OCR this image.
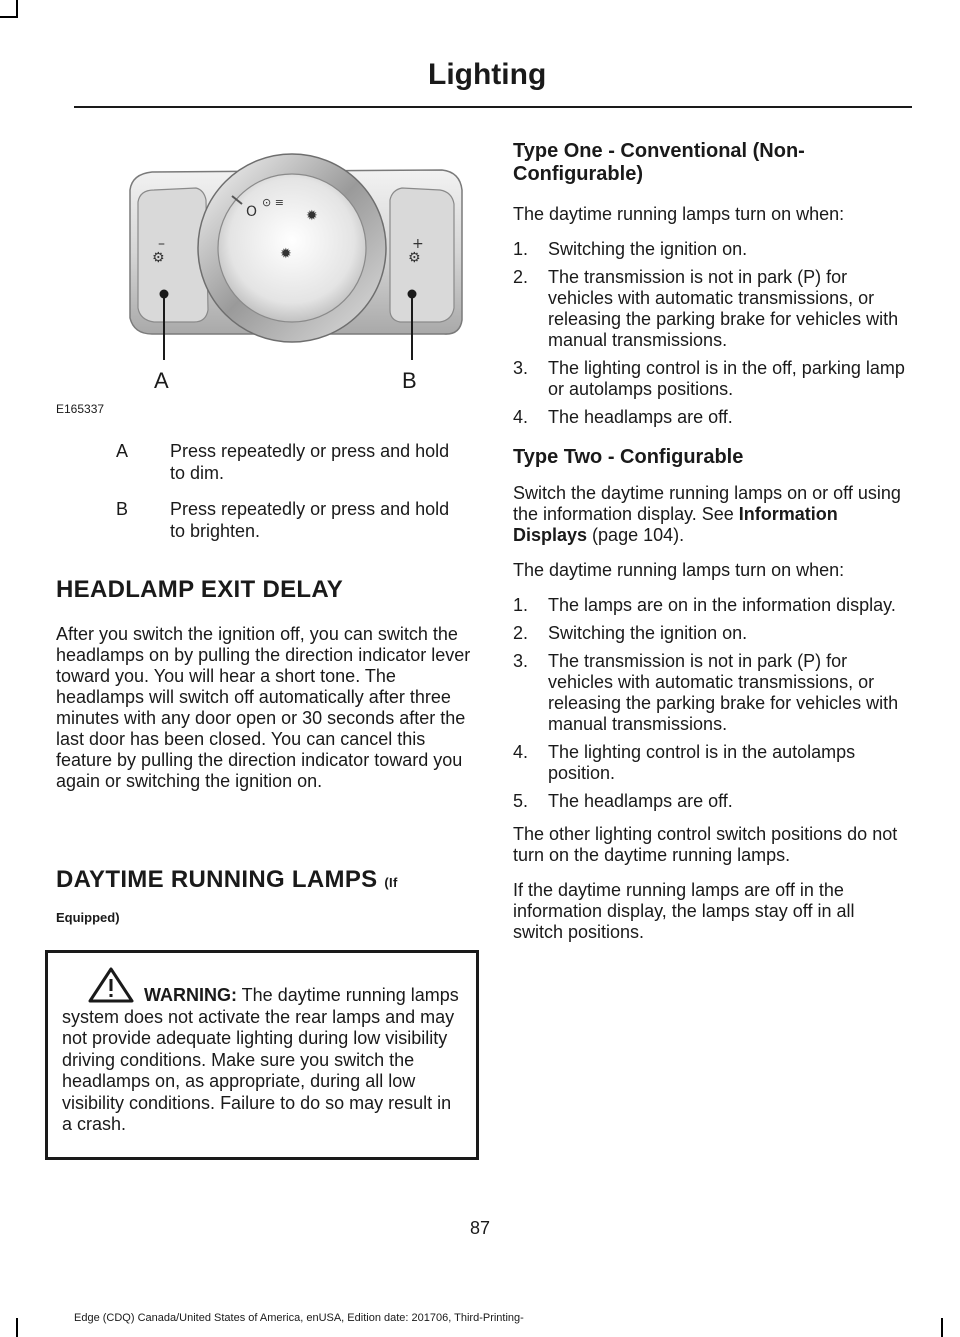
Lighting
–
⚙
+
⚙
O
⊙ ≡
✹
✹
A	B
E165337
A	Press repeatedly or press and hold to dim.
B	Press repeatedly or press and hold to brighten.
HEADLAMP EXIT DELAY

After you switch the ignition off, you can switch the headlamps on by pulling the direction indicator lever toward you. You will hear a short tone. The headlamps will switch off automatically after three minutes with any door open or 30 seconds after the last door has been closed. You can cancel this feature by pulling the direction indicator toward you again or switching the ignition on.

DAYTIME RUNNING LAMPS (If
Equipped)
WARNING: The daytime running lamps system does not activate the rear lamps and may not provide adequate lighting during low visibility driving conditions. Make sure you switch the headlamps on, as appropriate, during all low visibility conditions. Failure to do so may result in a crash.
Type One - Conventional (Non-Configurable)

The daytime running lamps turn on when:

1.	Switching the ignition on.
2.	The transmission is not in park (P) for vehicles with automatic transmissions, or releasing the parking brake for vehicles with manual transmissions.
3.	The lighting control is in the off, parking lamp or autolamps positions.
4.	The headlamps are off.
Type Two - Configurable

Switch the daytime running lamps on or off using the information display. See Information Displays (page 104).

The daytime running lamps turn on when:

1.	The lamps are on in the information display.
2.	Switching the ignition on.
3.	The transmission is not in park (P) for vehicles with automatic transmissions, or releasing the parking brake for vehicles with manual transmissions.
4.	The lighting control is in the autolamps position.
5.	The headlamps are off.

The other lighting control switch positions do not turn on the daytime running lamps.

If the daytime running lamps are off in the information display, the lamps stay off in all switch positions.

87
Edge (CDQ) Canada/United States of America, enUSA, Edition date: 201706, Third-Printing-
